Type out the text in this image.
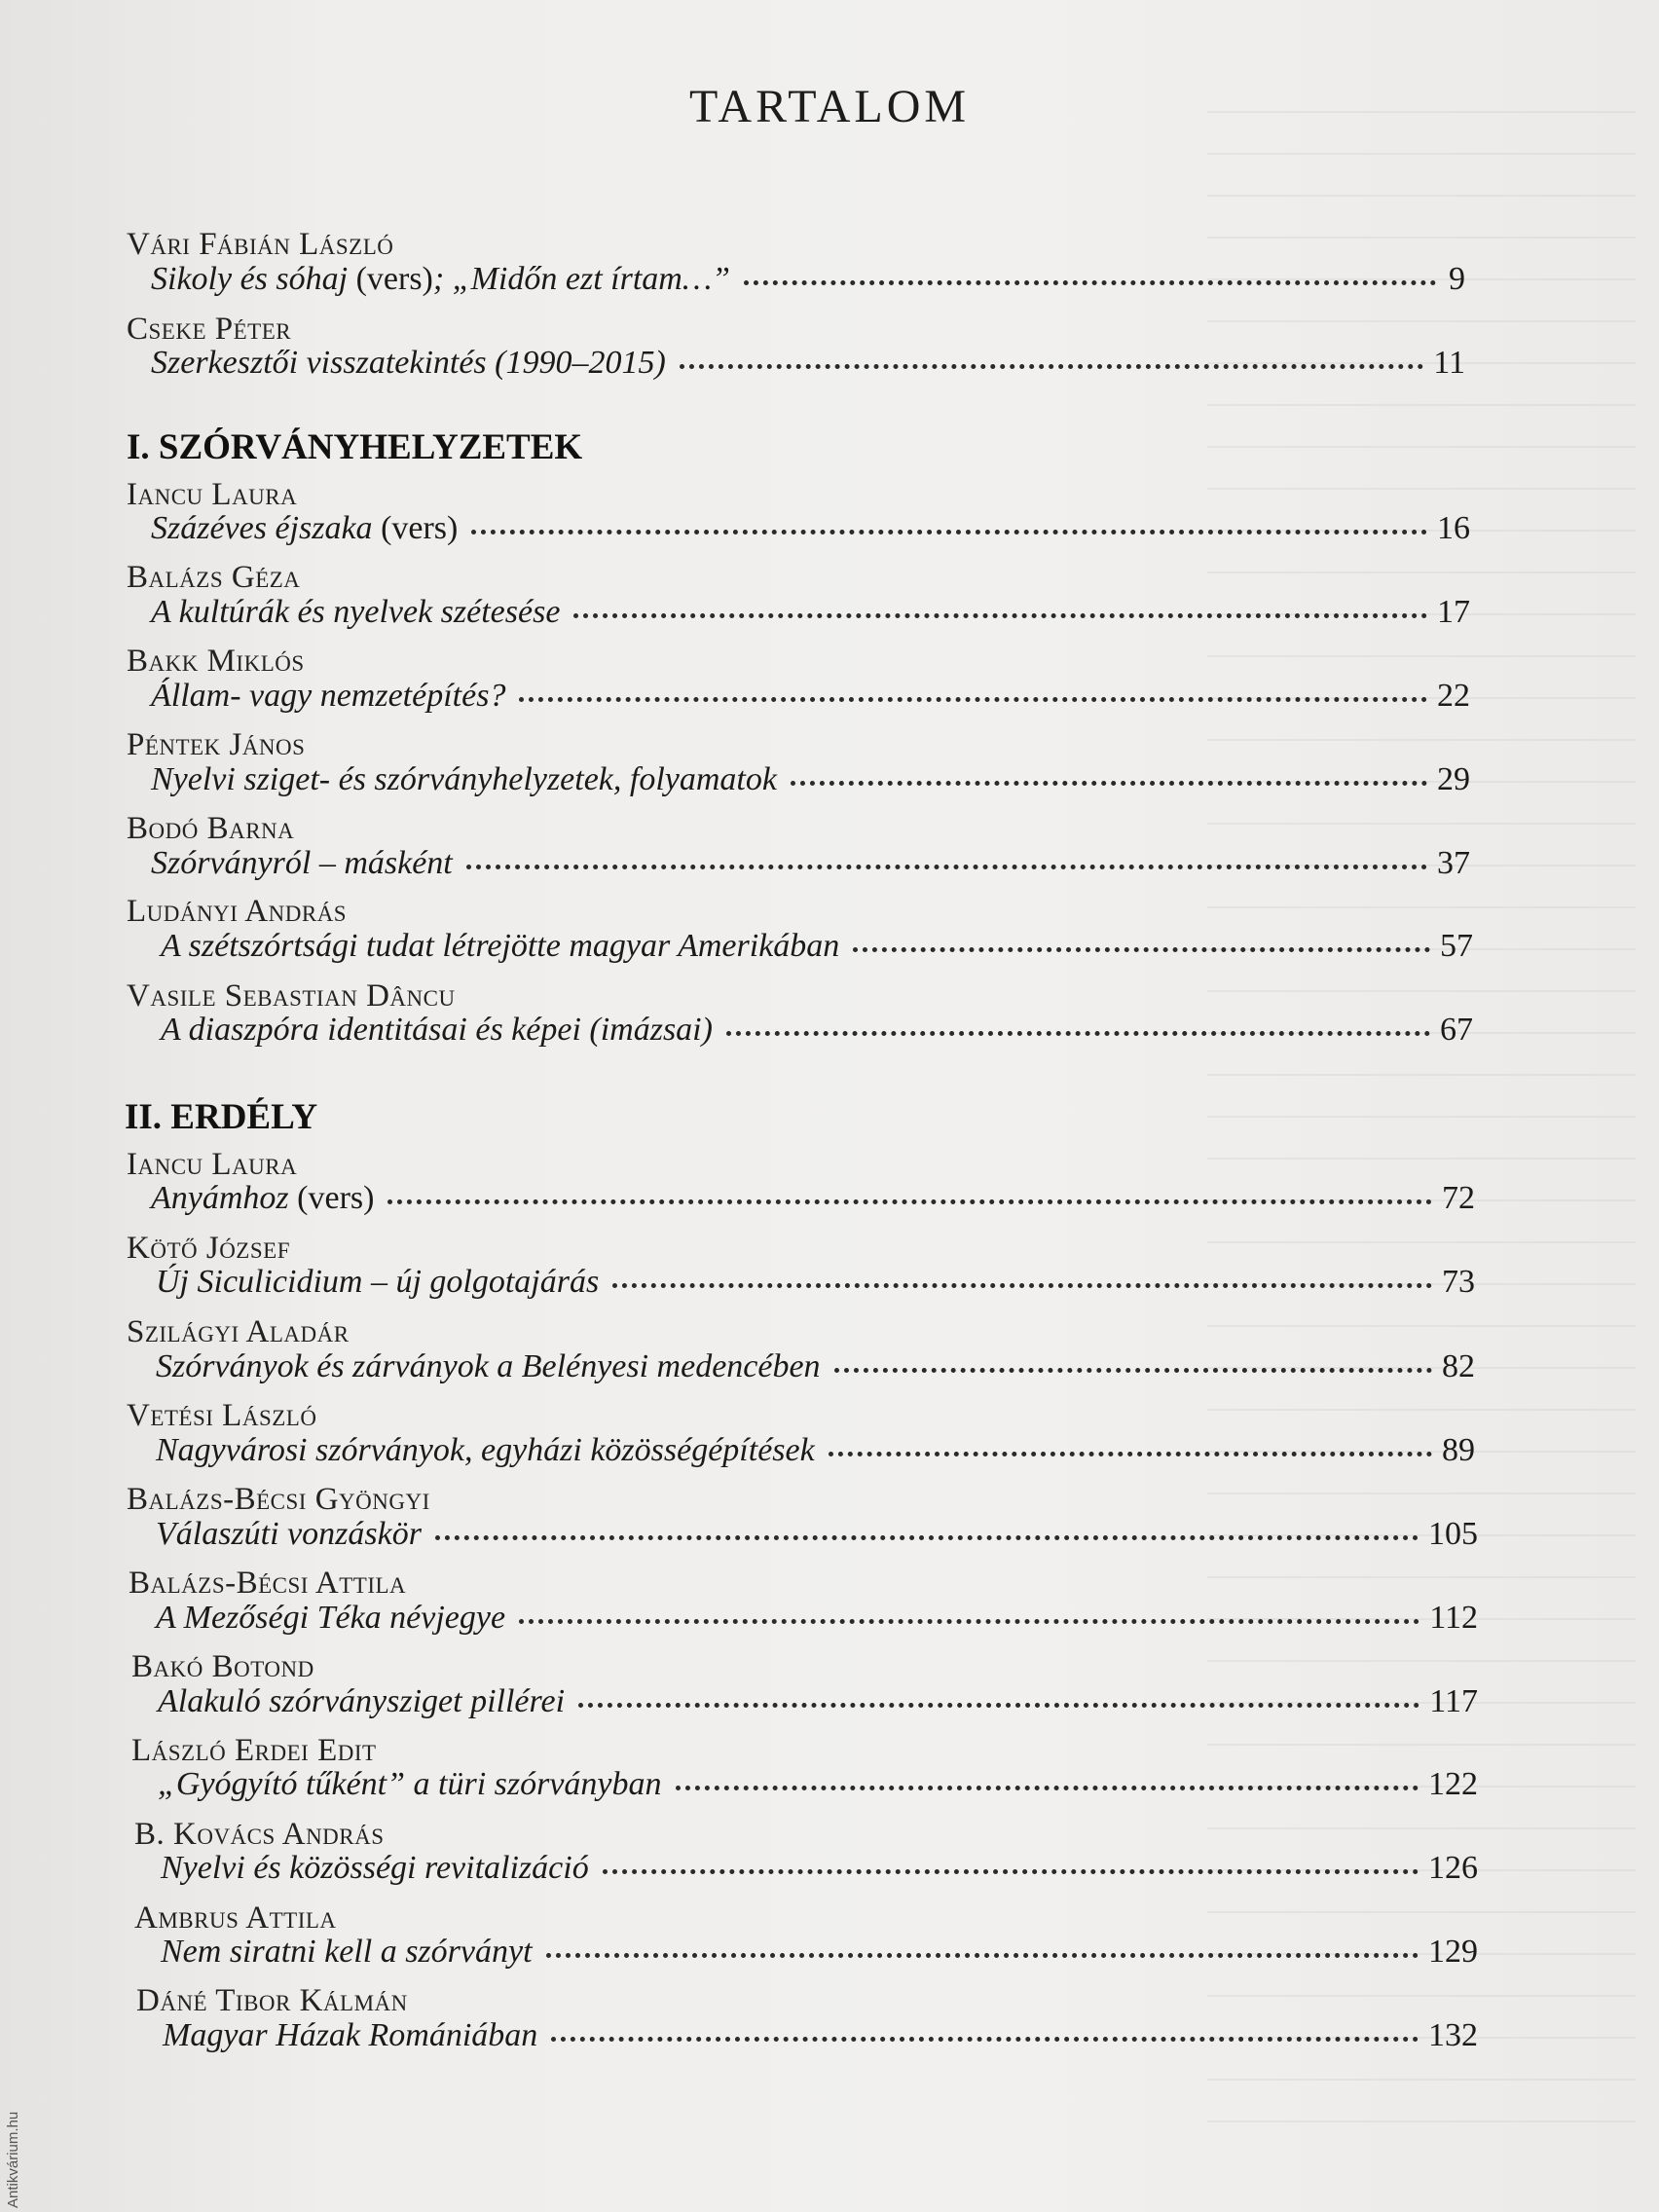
TARTALOM
Vári Fábián László
Sikoly és sóhaj (vers); „Midőn ezt írtam…”	9
Cseke Péter
Szerkesztői visszatekintés (1990–2015)	11
I. SZÓRVÁNYHELYZETEK
Iancu Laura
Százéves éjszaka (vers)	16
Balázs Géza
A kultúrák és nyelvek szétesése	17
Bakk Miklós
Állam- vagy nemzetépítés?	22
Péntek János
Nyelvi sziget- és szórványhelyzetek, folyamatok	29
Bodó Barna
Szórványról – másként	37
Ludányi András
A szétszórtsági tudat létrejötte magyar Amerikában	57
Vasile Sebastian Dâncu
A diaszpóra identitásai és képei (imázsai)	67
II. ERDÉLY
Iancu Laura
Anyámhoz (vers)	72
Kötő József
Új Siculicidium – új golgotajárás	73
Szilágyi Aladár
Szórványok és zárványok a Belényesi medencében	82
Vetési László
Nagyvárosi szórványok, egyházi közösségépítések	89
Balázs-Bécsi Gyöngyi
Válaszúti vonzáskör	105
Balázs-Bécsi Attila
A Mezőségi Téka névjegye	112
Bakó Botond
Alakuló szórványsziget pillérei	117
László Erdei Edit
„Gyógyító tűként” a türi szórványban	122
B. Kovács András
Nyelvi és közösségi revitalizáció	126
Ambrus Attila
Nem siratni kell a szórványt	129
Dáné Tibor Kálmán
Magyar Házak Romániában	132
Antikvárium.hu
